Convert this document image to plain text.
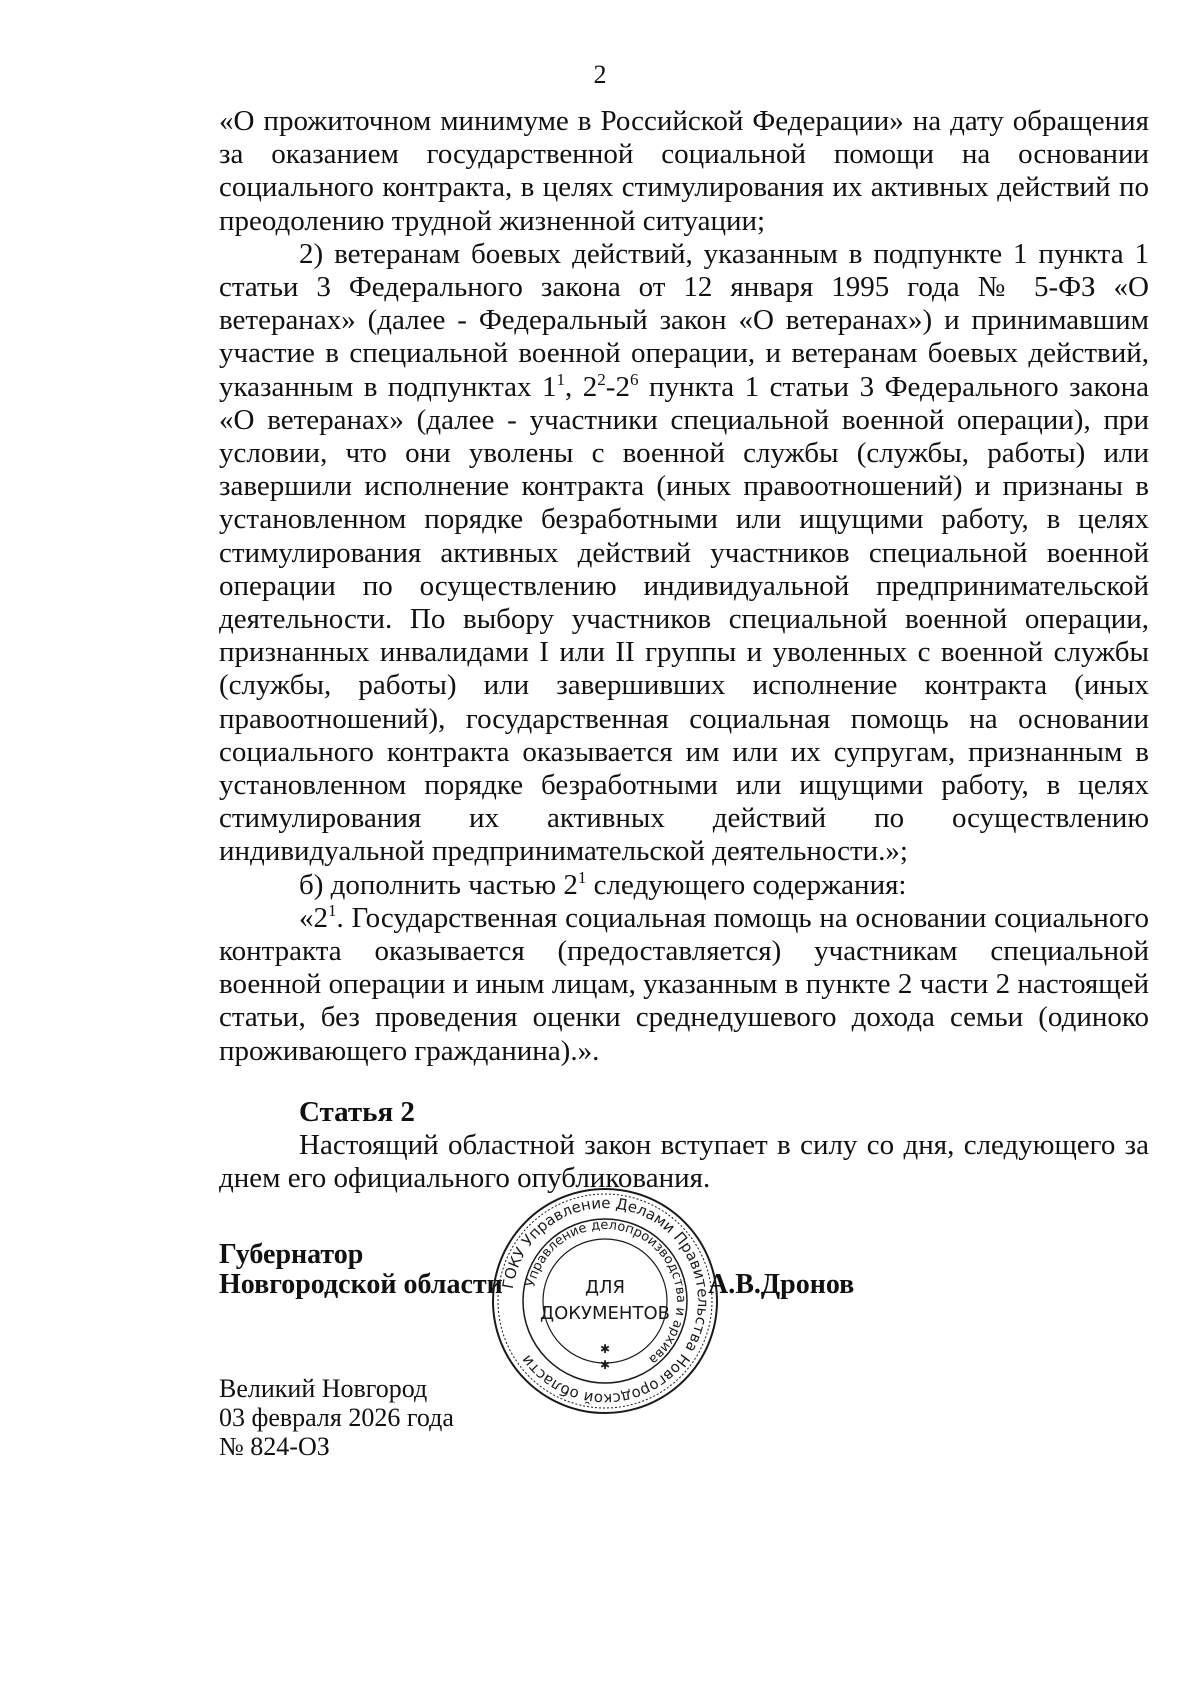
2

«О прожиточном минимуме в Российской Федерации» на дату обращения за оказанием государственной социальной помощи на основании социального контракта, в целях стимулирования их активных действий по преодолению трудной жизненной ситуации;

2) ветеранам боевых действий, указанным в подпункте 1 пункта 1 статьи 3 Федерального закона от 12 января 1995 года № 5-ФЗ «О ветеранах» (далее - Федеральный закон «О ветеранах») и принимавшим участие в специальной военной операции, и ветеранам боевых действий, указанным в подпунктах $1^1$, $2^2-2^6$ пункта 1 статьи 3 Федерального закона «О ветеранах» (далее - участники специальной военной операции), при условии, что они уволены с военной службы (службы, работы) или завершили исполнение контракта (иных правоотношений) и признаны в установленном порядке безработными или ищущими работу, в целях стимулирования активных действий участников специальной военной операции по осуществлению индивидуальной предпринимательской деятельности. По выбору участников специальной военной операции, признанных инвалидами I или II группы и уволенных с военной службы (службы, работы) или завершивших исполнение контракта (иных правоотношений), государственная социальная помощь на основании социального контракта оказывается им или их супругам, признанным в установленном порядке безработными или ищущими работу, в целях стимулирования их активных действий по осуществлению индивидуальной предпринимательской деятельности.»;

б) дополнить частью $2^1$ следующего содержания:

«$2^1$. Государственная социальная помощь на основании социального контракта оказывается (предоставляется) участникам специальной военной операции и иным лицам, указанным в пункте 2 части 2 настоящей статьи, без проведения оценки среднедушевого дохода семьи (одиноко проживающего гражданина).».

Статья 2

Настоящий областной закон вступает в силу со дня, следующего за днем его официального опубликования.

Губернатор
Новгородской области	А.В.Дронов
ГОКУ Управление Делами Правительства Новгородской области
Управление делопроизводства и архива
ДЛЯ
ДОКУМЕНТОВ
✱
✱
Великий Новгород
03 февраля 2026 года
№ 824-ОЗ
